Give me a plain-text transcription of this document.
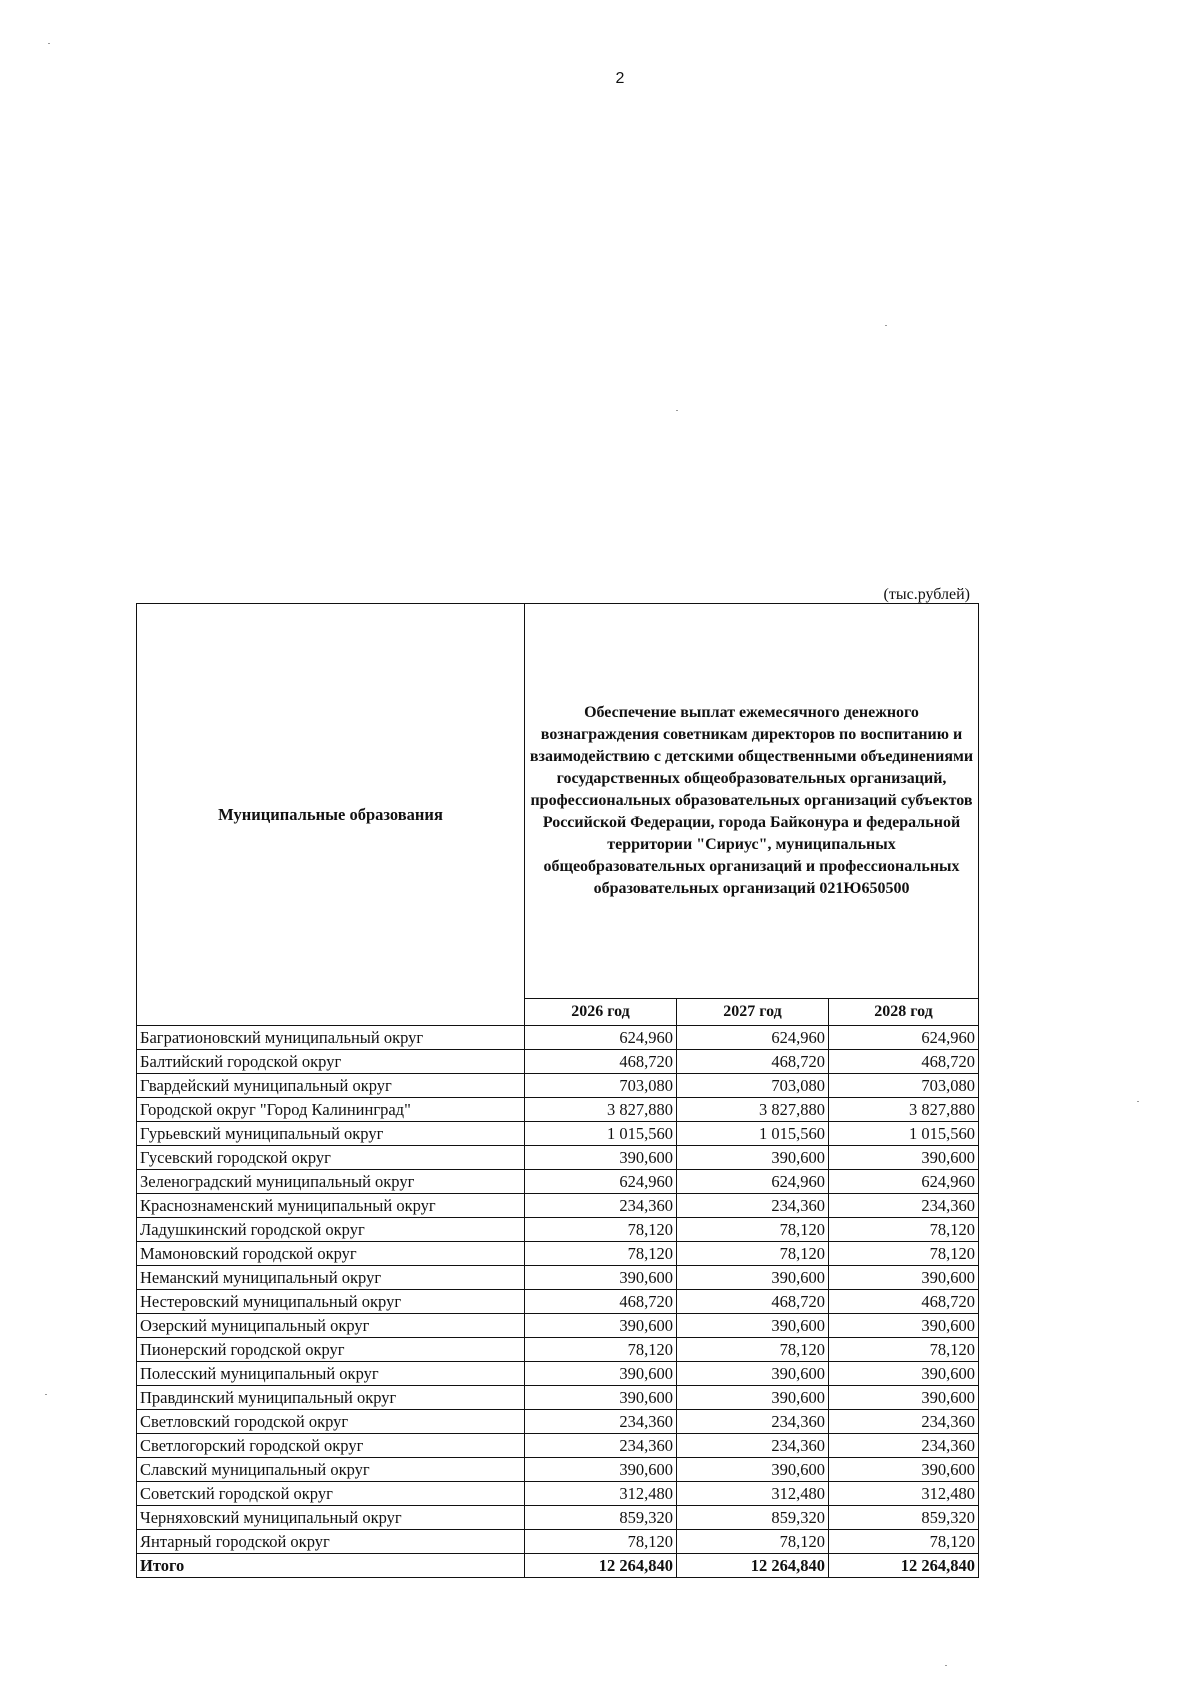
2
(тыс.рублей)
Муниципальные образования	Обеспечение выплат ежемесячного денежного вознаграждения советникам директоров по воспитанию и взаимодействию с детскими общественными объединениями государственных общеобразовательных организаций, профессиональных образовательных организаций субъектов Российской Федерации, города Байконура и федеральной территории "Сириус", муниципальных общеобразовательных организаций и профессиональных образовательных организаций 021Ю650500		
	2026 год	2027 год	2028 год
Багратионовский муниципальный округ	624,960	624,960	624,960
Балтийский городской округ	468,720	468,720	468,720
Гвардейский муниципальный округ	703,080	703,080	703,080
Городской округ "Город Калининград"	3 827,880	3 827,880	3 827,880
Гурьевский муниципальный округ	1 015,560	1 015,560	1 015,560
Гусевский городской округ	390,600	390,600	390,600
Зеленоградский муниципальный округ	624,960	624,960	624,960
Краснознаменский муниципальный округ	234,360	234,360	234,360
Ладушкинский городской округ	78,120	78,120	78,120
Мамоновский городской округ	78,120	78,120	78,120
Неманский муниципальный округ	390,600	390,600	390,600
Нестеровский муниципальный округ	468,720	468,720	468,720
Озерский муниципальный округ	390,600	390,600	390,600
Пионерский городской округ	78,120	78,120	78,120
Полесский муниципальный округ	390,600	390,600	390,600
Правдинский муниципальный округ	390,600	390,600	390,600
Светловский городской округ	234,360	234,360	234,360
Светлогорский городской округ	234,360	234,360	234,360
Славский муниципальный округ	390,600	390,600	390,600
Советский городской округ	312,480	312,480	312,480
Черняховский муниципальный округ	859,320	859,320	859,320
Янтарный городской округ	78,120	78,120	78,120
Итого	12 264,840	12 264,840	12 264,840
